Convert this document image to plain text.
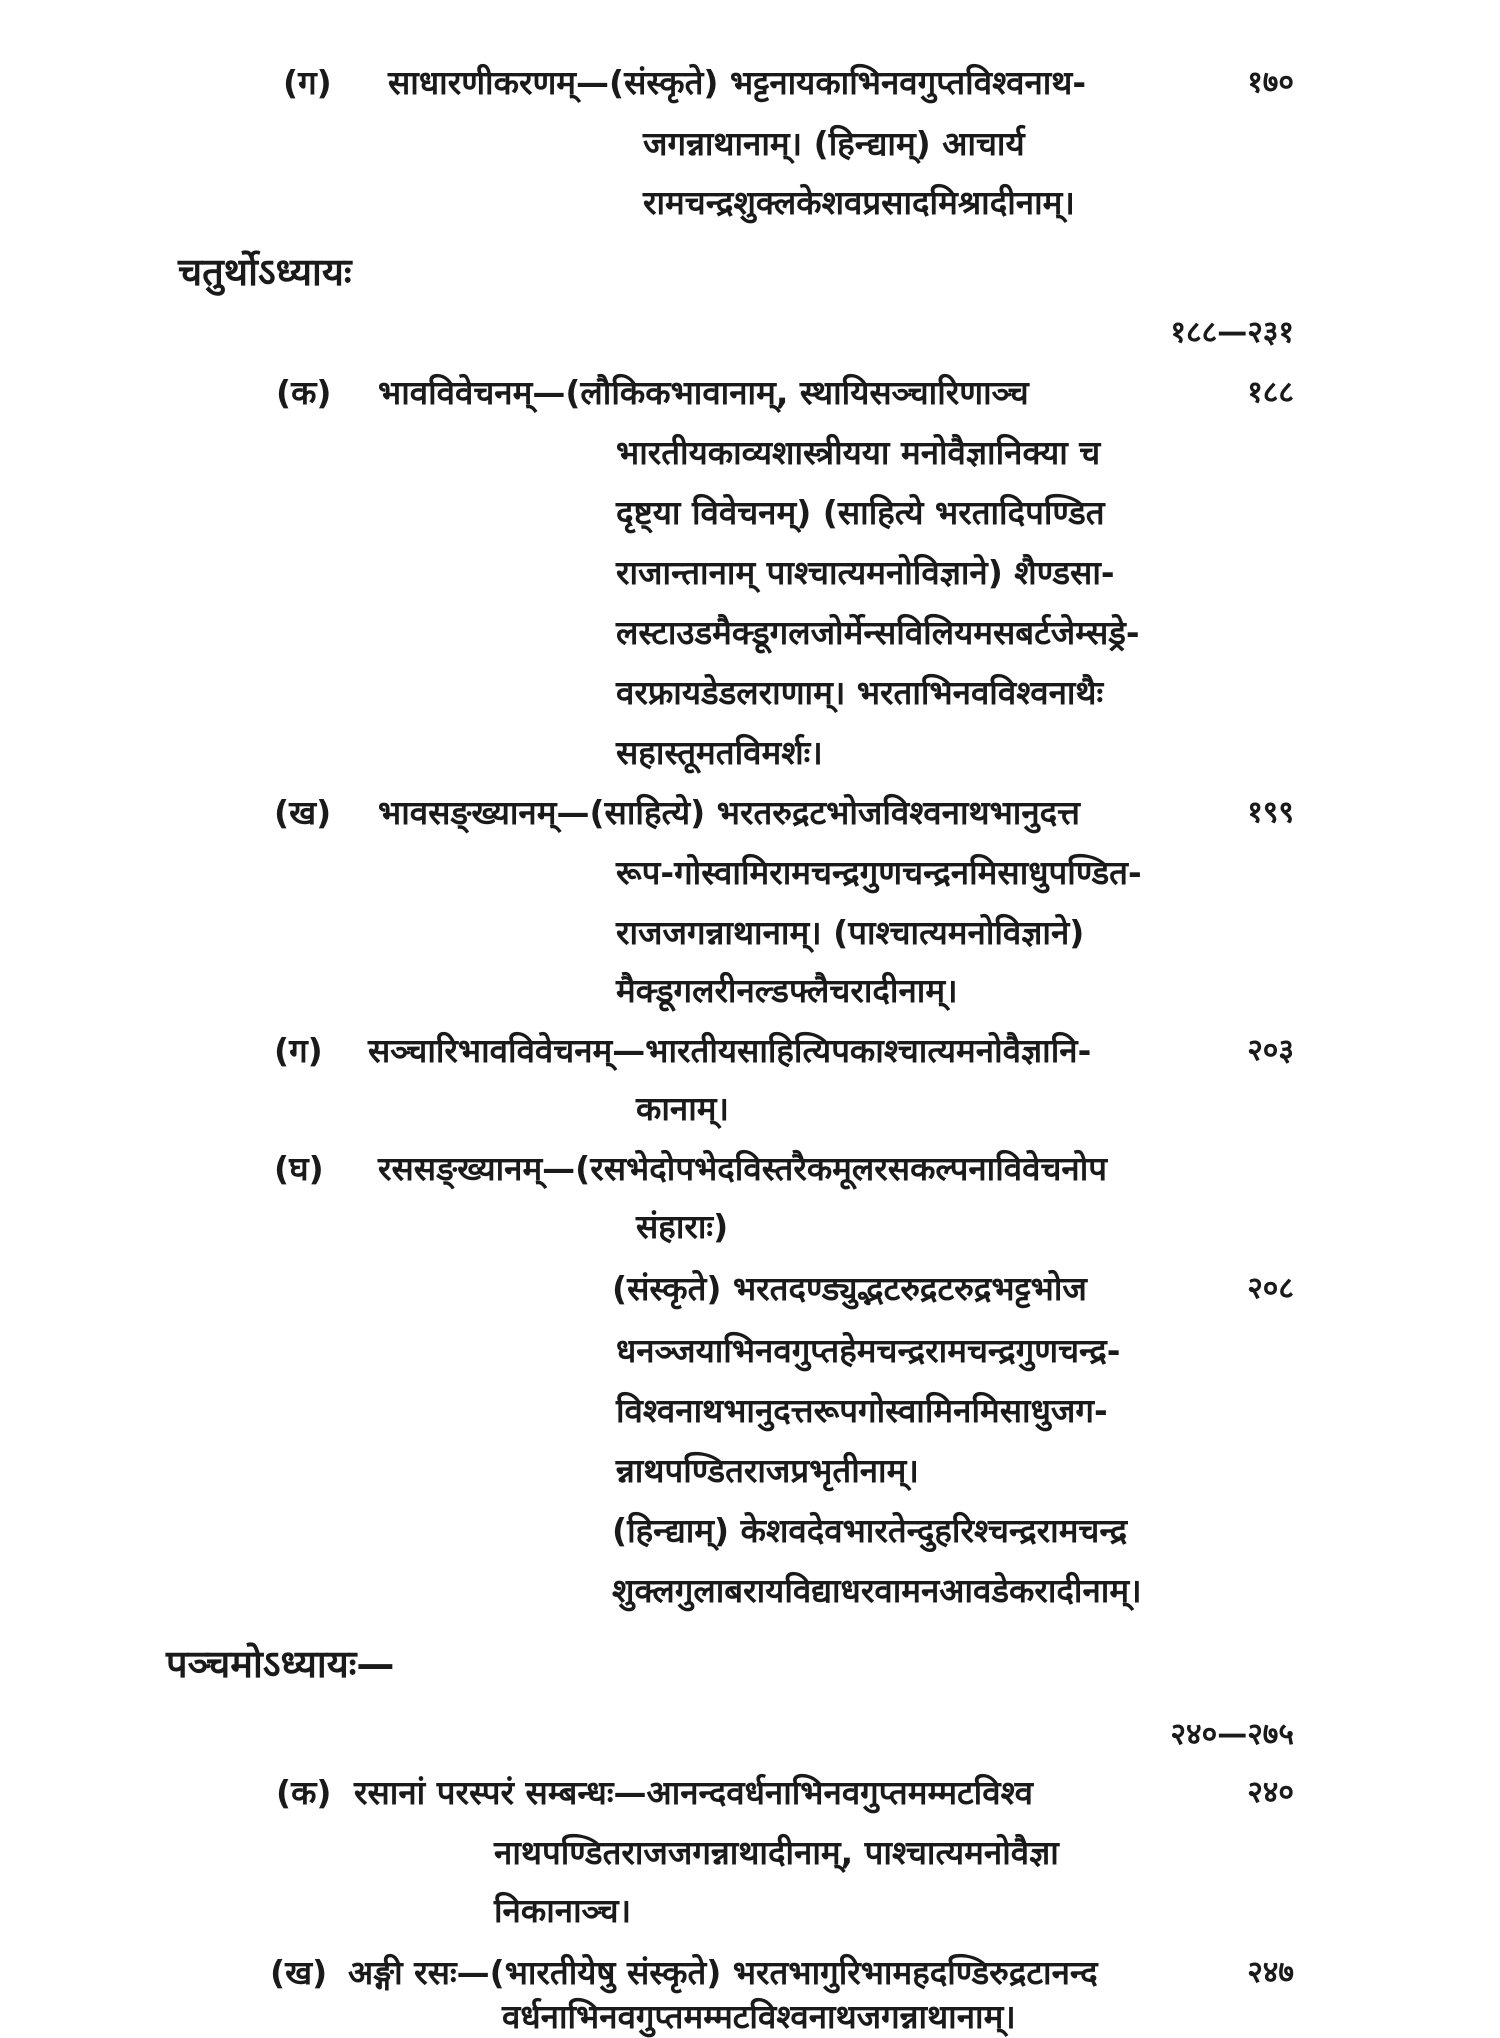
(ग) साधारणीकरणम्—(संस्कृते) भट्टनायकाभिनवगुप्तविश्वनाथ-	१७०
जगन्नाथानाम्। (हिन्द्याम्) आचार्य
रामचन्द्रशुक्लकेशवप्रसादमिश्रादीनाम्।
चतुर्थोऽध्यायः
१८८—२३१
(क) भावविवेचनम्—(लौकिकभावानाम्, स्थायिसञ्चारिणाञ्च	१८८
भारतीयकाव्यशास्त्रीयया मनोवैज्ञानिक्या च
दृष्ट्या विवेचनम्) (साहित्ये भरतादिपण्डित
राजान्तानाम् पाश्चात्यमनोविज्ञाने) शैण्डसा-
लस्टाउडमैक्डूगलजोर्मेन्सविलियमसबर्टजेम्सड्रे-
वरफ्रायडेडलराणाम्। भरताभिनवविश्वनाथैः
सहास्तूमतविमर्शः।
(ख) भावसङ्ख्यानम्—(साहित्ये) भरतरुद्रटभोजविश्वनाथभानुदत्त	१९९
रूप-गोस्वामिरामचन्द्रगुणचन्द्रनमिसाधुपण्डित-
राजजगन्नाथानाम्। (पाश्चात्यमनोविज्ञाने)
मैक्डूगलरीनल्डफ्लैचरादीनाम्।
(ग) सञ्चारिभावविवेचनम्—भारतीयसाहित्यिपकाश्चात्यमनोवैज्ञानि-	२०३
कानाम्।
(घ) रससङ्ख्यानम्—(रसभेदोपभेदविस्तरैकमूलरसकल्पनाविवेचनोप
संहाराः)
(संस्कृते) भरतदण्ड्युद्भटरुद्रटरुद्रभट्टभोज	२०८
धनञ्जयाभिनवगुप्तहेमचन्द्ररामचन्द्रगुणचन्द्र-
विश्वनाथभानुदत्तरूपगोस्वामिनमिसाधुजग-
न्नाथपण्डितराजप्रभृतीनाम्।
(हिन्द्याम्) केशवदेवभारतेन्दुहरिश्चन्द्ररामचन्द्र
शुक्लगुलाबरायविद्याधरवामनआवडेकरादीनाम्।
पञ्चमोऽध्यायः—
२४०—२७५
(क) रसानां परस्परं सम्बन्धः—आनन्दवर्धनाभिनवगुप्तमम्मटविश्व	२४०
नाथपण्डितराजजगन्नाथादीनाम्, पाश्चात्यमनोवैज्ञा
निकानाञ्च।
(ख) अङ्गी रसः—(भारतीयेषु संस्कृते) भरतभागुरिभामहदण्डिरुद्रटानन्द	२४७
वर्धनाभिनवगुप्तमम्मटविश्वनाथजगन्नाथानाम्।
